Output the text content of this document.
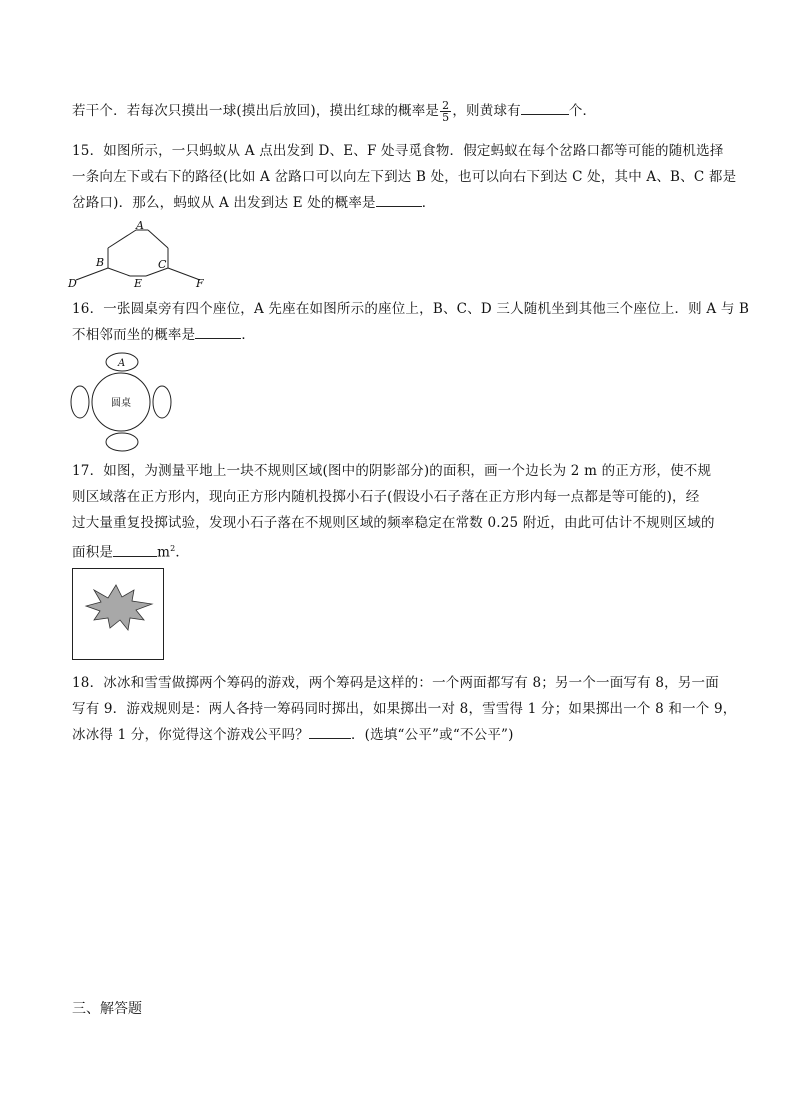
若干个．若每次只摸出一球(摸出后放回)，摸出红球的概率是 $\frac{2}{5}$ ，则黄球有	个．
15．如图所示，一只蚂蚁从 A 点出发到 D、E、F 处寻觅食物．假定蚂蚁在每个岔路口都等可能的随机选择
一条向左下或右下的路径(比如 A 岔路口可以向左下到达 B 处，也可以向右下到达 C 处，其中 A、B、C 都是
岔路口)．那么，蚂蚁从 A 出发到达 E 处的概率是	．
A
B	C
D	E	F
16．一张圆桌旁有四个座位，A 先座在如图所示的座位上，B、C、D 三人随机坐到其他三个座位上．则 A 与 B
不相邻而坐的概率是	．
A
圆桌
17．如图，为测量平地上一块不规则区域(图中的阴影部分)的面积，画一个边长为 2 m 的正方形，使不规
则区域落在正方形内，现向正方形内随机投掷小石子(假设小石子落在正方形内每一点都是等可能的)，经
过大量重复投掷试验，发现小石子落在不规则区域的频率稳定在常数 0.25 附近，由此可估计不规则区域的
面积是	$m^2$．
18．冰冰和雪雪做掷两个筹码的游戏，两个筹码是这样的：一个两面都写有 8；另一个一面写有 8，另一面
写有 9．游戏规则是：两人各持一筹码同时掷出，如果掷出一对 8，雪雪得 1 分；如果掷出一个 8 和一个 9，
冰冰得 1 分，你觉得这个游戏公平吗？	．(选填“公平”或“不公平”)
三、解答题
